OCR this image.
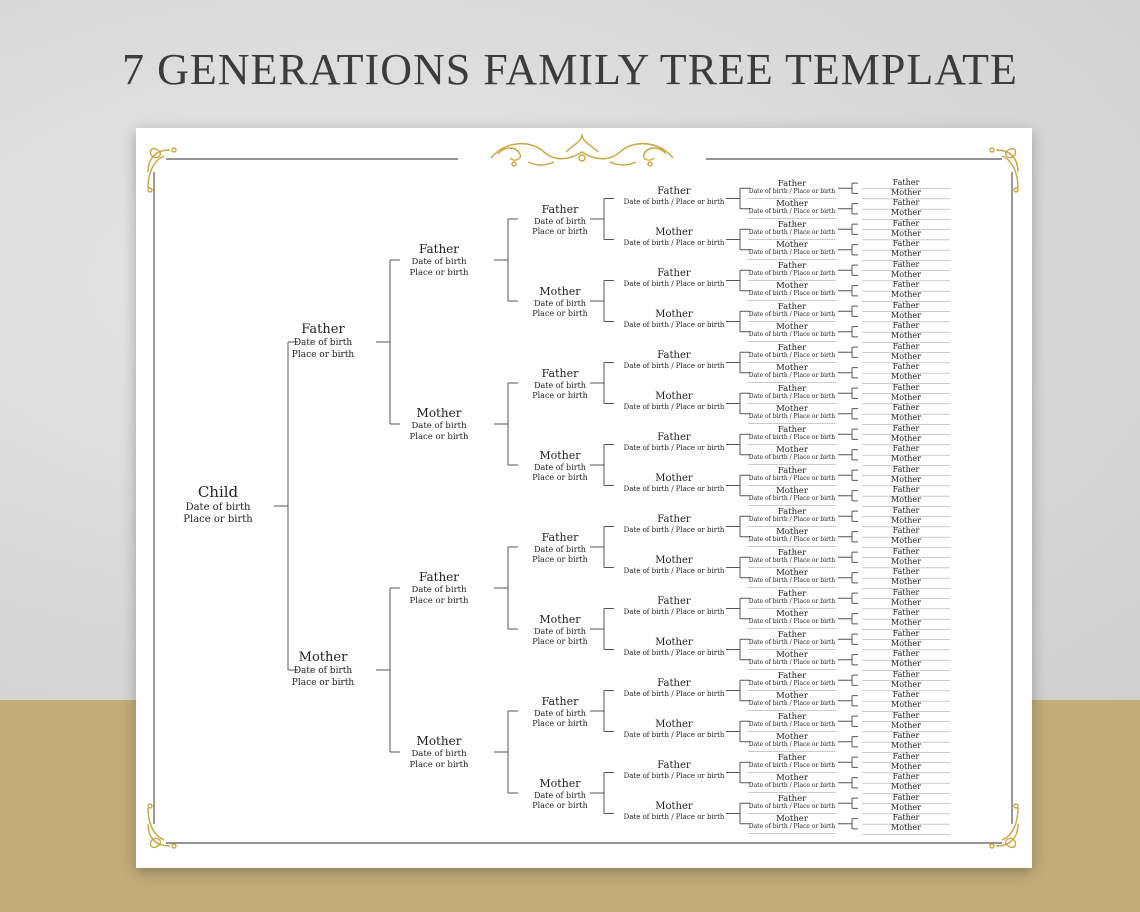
7 GENERATIONS FAMILY TREE TEMPLATE
Child
Date of birth
Place or birth
Father
Date of birth
Place or birth
Mother
Date of birth
Place or birth
Father
Date of birth
Place or birth
Mother
Date of birth
Place or birth
Father
Date of birth
Place or birth
Mother
Date of birth
Place or birth
Father
Date of birth
Place or birth
Mother
Date of birth
Place or birth
Father
Date of birth
Place or birth
Mother
Date of birth
Place or birth
Father
Date of birth
Place or birth
Mother
Date of birth
Place or birth
Father
Date of birth
Place or birth
Mother
Date of birth
Place or birth
Father
Date of birth / Place or birth
Mother
Date of birth / Place or birth
Father
Date of birth / Place or birth
Mother
Date of birth / Place or birth
Father
Date of birth / Place or birth
Mother
Date of birth / Place or birth
Father
Date of birth / Place or birth
Mother
Date of birth / Place or birth
Father
Date of birth / Place or birth
Mother
Date of birth / Place or birth
Father
Date of birth / Place or birth
Mother
Date of birth / Place or birth
Father
Date of birth / Place or birth
Mother
Date of birth / Place or birth
Father
Date of birth / Place or birth
Mother
Date of birth / Place or birth
Father
Date of birth / Place or birth
Mother
Date of birth / Place or birth
Father
Date of birth / Place or birth
Mother
Date of birth / Place or birth
Father
Date of birth / Place or birth
Mother
Date of birth / Place or birth
Father
Date of birth / Place or birth
Mother
Date of birth / Place or birth
Father
Date of birth / Place or birth
Mother
Date of birth / Place or birth
Father
Date of birth / Place or birth
Mother
Date of birth / Place or birth
Father
Date of birth / Place or birth
Mother
Date of birth / Place or birth
Father
Date of birth / Place or birth
Mother
Date of birth / Place or birth
Father
Date of birth / Place or birth
Mother
Date of birth / Place or birth
Father
Date of birth / Place or birth
Mother
Date of birth / Place or birth
Father
Date of birth / Place or birth
Mother
Date of birth / Place or birth
Father
Date of birth / Place or birth
Mother
Date of birth / Place or birth
Father
Date of birth / Place or birth
Mother
Date of birth / Place or birth
Father
Date of birth / Place or birth
Mother
Date of birth / Place or birth
Father
Date of birth / Place or birth
Mother
Date of birth / Place or birth
Father
Date of birth / Place or birth
Mother
Date of birth / Place or birth
Father
Mother
Father
Mother
Father
Mother
Father
Mother
Father
Mother
Father
Mother
Father
Mother
Father
Mother
Father
Mother
Father
Mother
Father
Mother
Father
Mother
Father
Mother
Father
Mother
Father
Mother
Father
Mother
Father
Mother
Father
Mother
Father
Mother
Father
Mother
Father
Mother
Father
Mother
Father
Mother
Father
Mother
Father
Mother
Father
Mother
Father
Mother
Father
Mother
Father
Mother
Father
Mother
Father
Mother
Father
Mother
